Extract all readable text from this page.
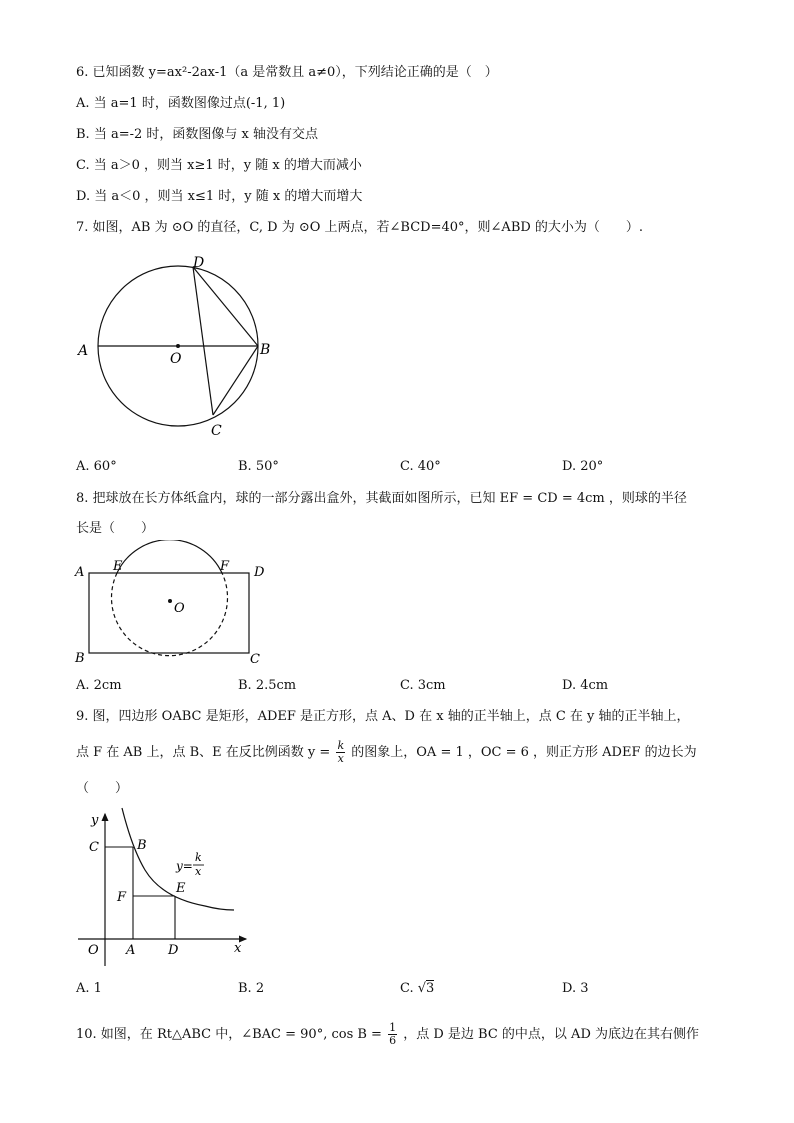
6. 已知函数 y=ax²-2ax-1（a 是常数且 a≠0），下列结论正确的是（　）
A. 当 a=1 时，函数图像过点(-1, 1)
B. 当 a=-2 时，函数图像与 x 轴没有交点
C. 当 a＞0 ，则当 x≥1 时，y 随 x 的增大而减小
D. 当 a＜0 ，则当 x≤1 时，y 随 x 的增大而增大
7. 如图，AB 为 ⊙O 的直径，C, D 为 ⊙O 上两点，若∠BCD=40°，则∠ABD 的大小为（　　）.
A	B
C
D
O
A. 60°	B. 50°	C. 40°	D. 20°
8. 把球放在长方体纸盒内，球的一部分露出盒外，其截面如图所示，已知 EF = CD = 4cm ，则球的半径
长是（　　）
A
B	C
D
E	F
O
A. 2cm	B. 2.5cm	C. 3cm	D. 4cm
9. 图，四边形 OABC 是矩形，ADEF 是正方形，点 A、D 在 x 轴的正半轴上，点 C 在 y 轴的正半轴上，
点 F 在 AB 上，点 B、E 在反比例函数 $y = \frac{k}{x}$ 的图象上，OA = 1 ，OC = 6 ，则正方形 ADEF 的边长为
（　　）
y
x
O A	D
C
F
B
E
y=
k
x
A. 1	B. 2	C. √3	D. 3
10. 如图，在 Rt△ABC 中，∠BAC = 90°, $\cos B = \frac{1}{6}$ ，点 D 是边 BC 的中点，以 AD 为底边在其右侧作
